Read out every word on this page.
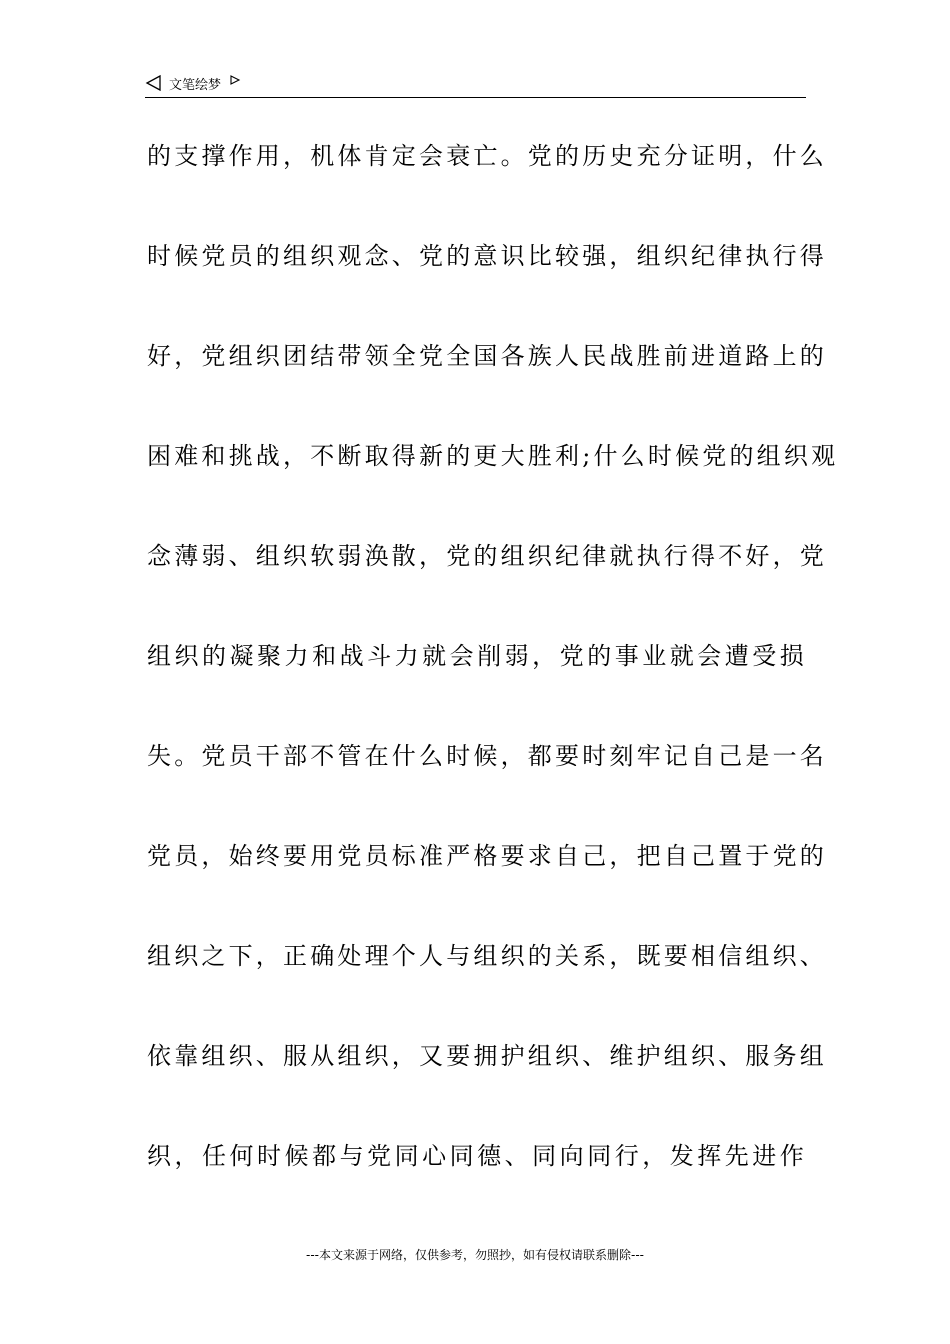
文笔绘梦
的支撑作用，机体肯定会衰亡。党的历史充分证明，什么
时候党员的组织观念、党的意识比较强，组织纪律执行得
好，党组织团结带领全党全国各族人民战胜前进道路上的
困难和挑战，不断取得新的更大胜利;什么时候党的组织观
念薄弱、组织软弱涣散，党的组织纪律就执行得不好，党
组织的凝聚力和战斗力就会削弱，党的事业就会遭受损
失。党员干部不管在什么时候，都要时刻牢记自己是一名
党员，始终要用党员标准严格要求自己，把自己置于党的
组织之下，正确处理个人与组织的关系，既要相信组织、
依靠组织、服从组织，又要拥护组织、维护组织、服务组
织，任何时候都与党同心同德、同向同行，发挥先进作
---本文来源于网络，仅供参考，勿照抄，如有侵权请联系删除---
